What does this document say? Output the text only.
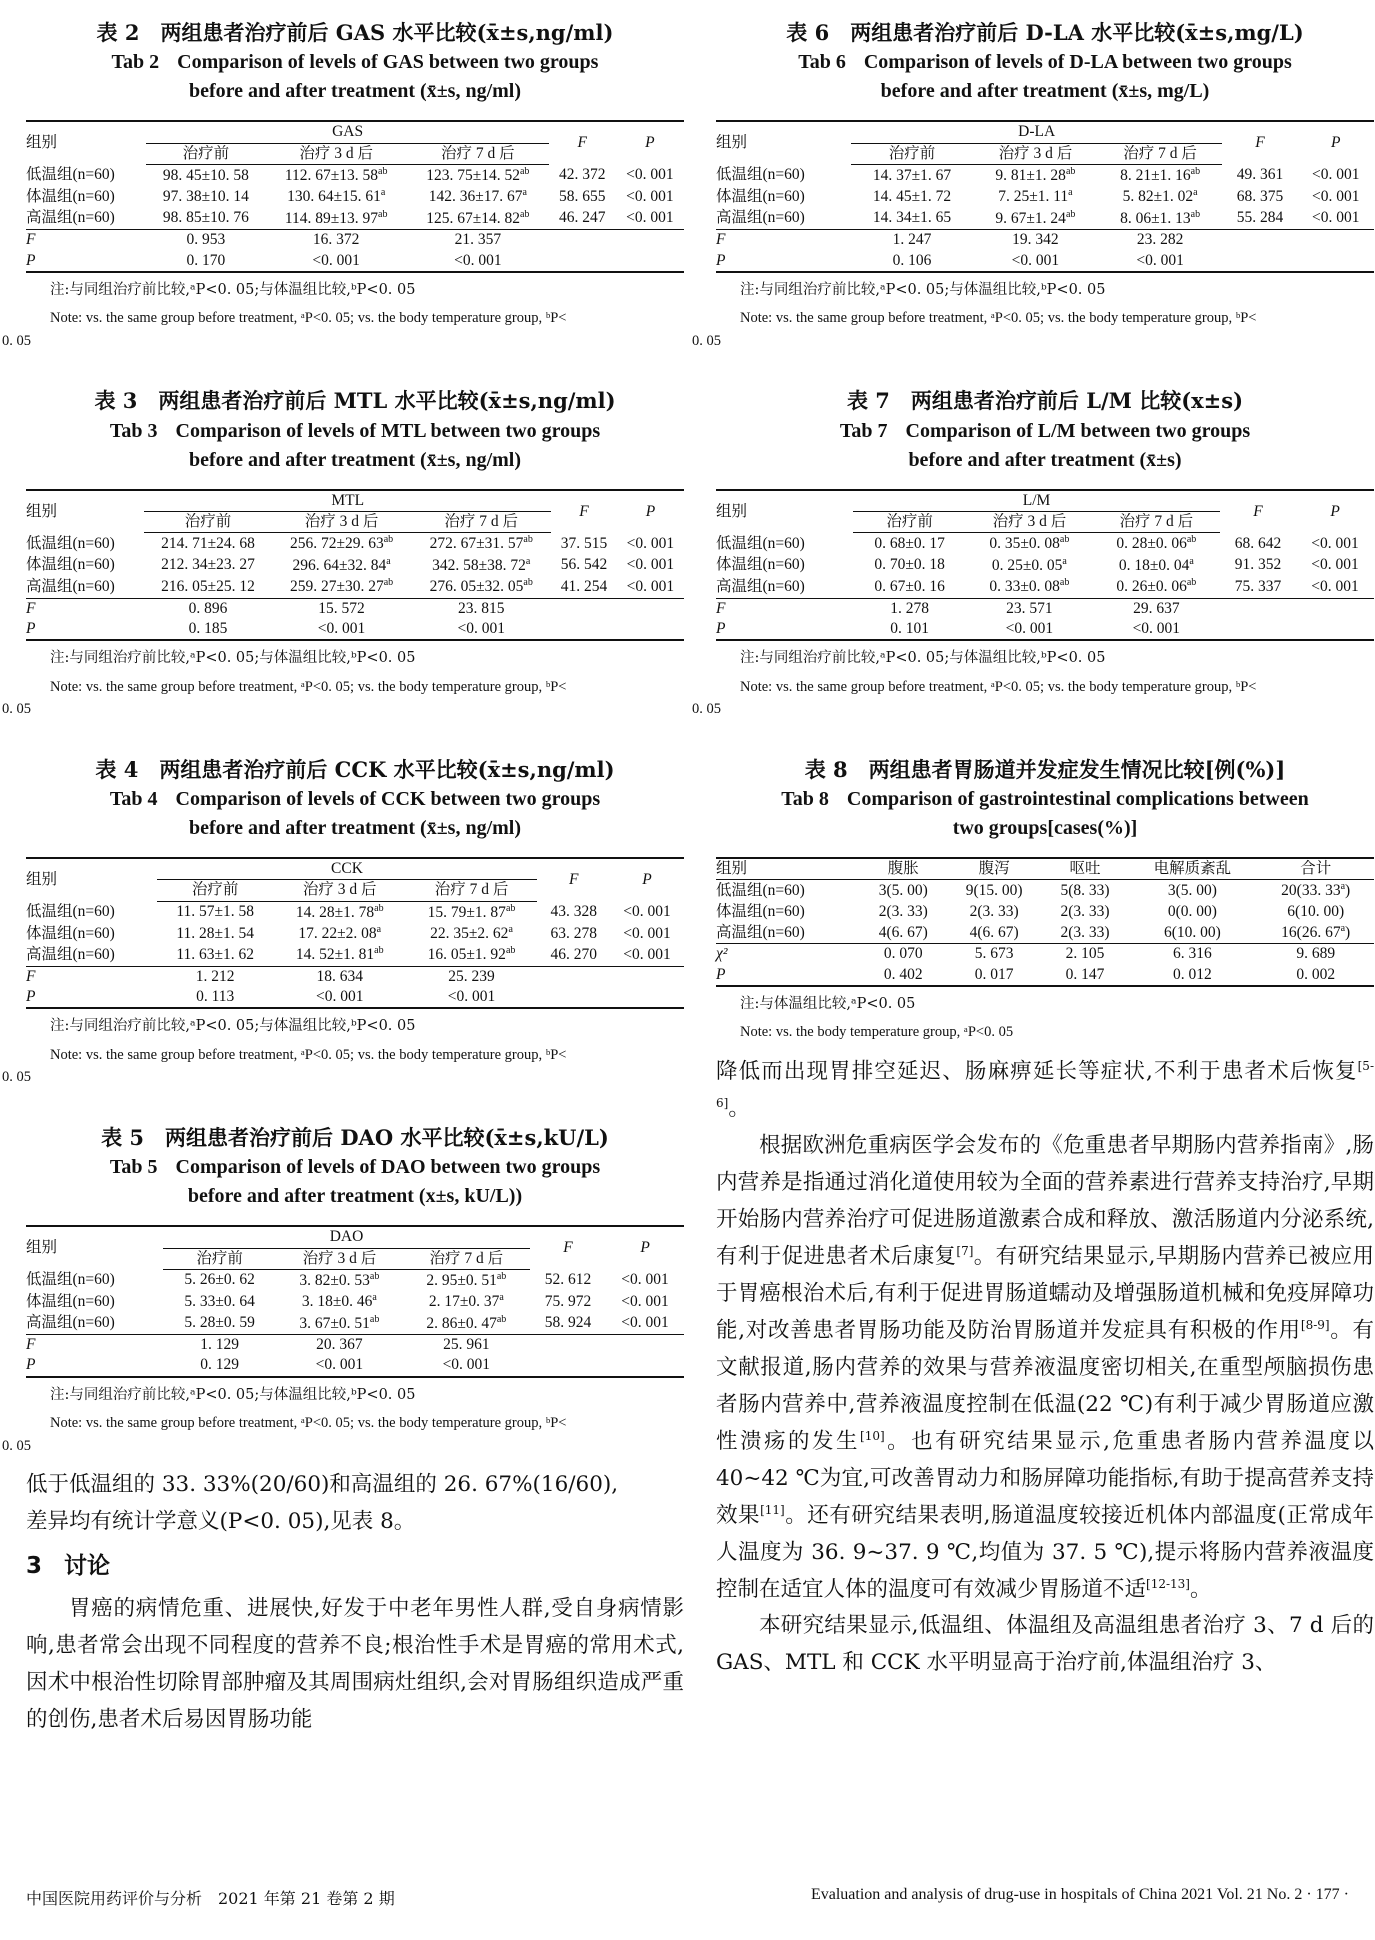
表 2　两组患者治疗前后 GAS 水平比较(x̄±s,ng/ml)
Tab 2 Comparison of levels of GAS between two groups
before and after treatment (x̄±s, ng/ml)
组别	GAS			F	P
	治疗前	治疗 3 d 后	治疗 7 d 后		
低温组(n=60)	98. 45±10. 58	112. 67±13. $58^{ab}$	123. 75±14. $52^{ab}$	42. 372	<0. 001
体温组(n=60)	97. 38±10. 14	130. 64±15. 61$^a$	142. 36±17. 67$^a$	58. 655	<0. 001
高温组(n=60)	98. 85±10. 76	114. 89±13. $97^{ab}$	125. 67±14. $82^{ab}$	46. 247	<0. 001
F	0. 953	16. 372	21. 357		
P	0. 170	<0. 001	<0. 001		
注:与同组治疗前比较,ᵃP<0. 05;与体温组比较,ᵇP<0. 05
Note: vs. the same group before treatment, ᵃP<0. 05; vs. the body temperature group, ᵇP<
0. 05
表 3　两组患者治疗前后 MTL 水平比较(x̄±s,ng/ml)
Tab 3 Comparison of levels of MTL between two groups
before and after treatment (x̄±s, ng/ml)
组别	MTL			F	P
	治疗前	治疗 3 d 后	治疗 7 d 后		
低温组(n=60)	214. 71±24. 68	256. 72±29. $63^{ab}$	272. 67±31. $57^{ab}$	37. 515	<0. 001
体温组(n=60)	212. 34±23. 27	296. 64±32. 84$^a$	342. 58±38. 72$^a$	56. 542	<0. 001
高温组(n=60)	216. 05±25. 12	259. 27±30. $27^{ab}$	276. 05±32. $05^{ab}$	41. 254	<0. 001
F	0. 896	15. 572	23. 815		
P	0. 185	<0. 001	<0. 001		
注:与同组治疗前比较,ᵃP<0. 05;与体温组比较,ᵇP<0. 05
Note: vs. the same group before treatment, ᵃP<0. 05; vs. the body temperature group, ᵇP<
0. 05
表 4　两组患者治疗前后 CCK 水平比较(x̄±s,ng/ml)
Tab 4 Comparison of levels of CCK between two groups
before and after treatment (x̄±s, ng/ml)
组别	CCK			F	P
	治疗前	治疗 3 d 后	治疗 7 d 后		
低温组(n=60)	11. 57±1. 58	14. 28±1. $78^{ab}$	15. 79±1. $87^{ab}$	43. 328	<0. 001
体温组(n=60)	11. 28±1. 54	17. 22±2. 08$^a$	22. 35±2. 62$^a$	63. 278	<0. 001
高温组(n=60)	11. 63±1. 62	14. 52±1. $81^{ab}$	16. 05±1. $92^{ab}$	46. 270	<0. 001
F	1. 212	18. 634	25. 239		
P	0. 113	<0. 001	<0. 001		
注:与同组治疗前比较,ᵃP<0. 05;与体温组比较,ᵇP<0. 05
Note: vs. the same group before treatment, ᵃP<0. 05; vs. the body temperature group, ᵇP<
0. 05
表 5　两组患者治疗前后 DAO 水平比较(x̄±s,kU/L)
Tab 5 Comparison of levels of DAO between two groups
before and after treatment (x±s, kU/L))
组别	DAO			F	P
	治疗前	治疗 3 d 后	治疗 7 d 后		
低温组(n=60)	5. 26±0. 62	3. 82±0. $53^{ab}$	2. 95±0. $51^{ab}$	52. 612	<0. 001
体温组(n=60)	5. 33±0. 64	3. 18±0. 46$^a$	2. 17±0. 37$^a$	75. 972	<0. 001
高温组(n=60)	5. 28±0. 59	3. 67±0. $51^{ab}$	2. 86±0. $47^{ab}$	58. 924	<0. 001
F	1. 129	20. 367	25. 961		
P	0. 129	<0. 001	<0. 001		
注:与同组治疗前比较,ᵃP<0. 05;与体温组比较,ᵇP<0. 05
Note: vs. the same group before treatment, ᵃP<0. 05; vs. the body temperature group, ᵇP<
0. 05

低于低温组的 33. 33%(20/60)和高温组的 26. 67%(16/60),
差异均有统计学意义(P<0. 05),见表 8。

3 讨论

胃癌的病情危重、进展快,好发于中老年男性人群,受自身病情影响,患者常会出现不同程度的营养不良;根治性手术是胃癌的常用术式,因术中根治性切除胃部肿瘤及其周围病灶组织,会对胃肠组织造成严重的创伤,患者术后易因胃肠功能

表 6　两组患者治疗前后 D-LA 水平比较(x̄±s,mg/L)
Tab 6 Comparison of levels of D-LA between two groups
before and after treatment (x̄±s, mg/L)
组别	D-LA			F	P
	治疗前	治疗 3 d 后	治疗 7 d 后		
低温组(n=60)	14. 37±1. 67	9. 81±1. $28^{ab}$	8. 21±1. $16^{ab}$	49. 361	<0. 001
体温组(n=60)	14. 45±1. 72	7. 25±1. 11$^a$	5. 82±1. 02$^a$	68. 375	<0. 001
高温组(n=60)	14. 34±1. 65	9. 67±1. $24^{ab}$	8. 06±1. $13^{ab}$	55. 284	<0. 001
F	1. 247	19. 342	23. 282		
P	0. 106	<0. 001	<0. 001		
注:与同组治疗前比较,ᵃP<0. 05;与体温组比较,ᵇP<0. 05
Note: vs. the same group before treatment, ᵃP<0. 05; vs. the body temperature group, ᵇP<
0. 05
表 7　两组患者治疗前后 L/M 比较(x±s)
Tab 7 Comparison of L/M between two groups
before and after treatment (x̄±s)
组别	L/M			F	P
	治疗前	治疗 3 d 后	治疗 7 d 后		
低温组(n=60)	0. 68±0. 17	0. 35±0. $08^{ab}$	0. 28±0. $06^{ab}$	68. 642	<0. 001
体温组(n=60)	0. 70±0. 18	0. 25±0. 05$^a$	0. 18±0. 04$^a$	91. 352	<0. 001
高温组(n=60)	0. 67±0. 16	0. 33±0. $08^{ab}$	0. 26±0. $06^{ab}$	75. 337	<0. 001
F	1. 278	23. 571	29. 637		
P	0. 101	<0. 001	<0. 001		
注:与同组治疗前比较,ᵃP<0. 05;与体温组比较,ᵇP<0. 05
Note: vs. the same group before treatment, ᵃP<0. 05; vs. the body temperature group, ᵇP<
0. 05
表 8　两组患者胃肠道并发症发生情况比较[例(%)]
Tab 8 Comparison of gastrointestinal complications between
two groups[cases(%)]
组别	腹胀	腹泻	呕吐	电解质紊乱	合计
低温组(n=60)	3(5. 00)	9(15. 00)	5(8. 33)	3(5. 00)	20(33. 33$^a$)
体温组(n=60)	2(3. 33)	2(3. 33)	2(3. 33)	0(0. 00)	6(10. 00)
高温组(n=60)	4(6. 67)	4(6. 67)	2(3. 33)	6(10. 00)	16(26. 67$^a$)
χ²	0. 070	5. 673	2. 105	6. 316	9. 689
P	0. 402	0. 017	0. 147	0. 012	0. 002
注:与体温组比较,ᵃP<0. 05
Note: vs. the body temperature group, ᵃP<0. 05

降低而出现胃排空延迟、肠麻痹延长等症状,不利于患者术后恢复[5-6]。

根据欧洲危重病医学会发布的《危重患者早期肠内营养指南》,肠内营养是指通过消化道使用较为全面的营养素进行营养支持治疗,早期开始肠内营养治疗可促进肠道激素合成和释放、激活肠道内分泌系统,有利于促进患者术后康复[7]。有研究结果显示,早期肠内营养已被应用于胃癌根治术后,有利于促进胃肠道蠕动及增强肠道机械和免疫屏障功能,对改善患者胃肠功能及防治胃肠道并发症具有积极的作用[8-9]。有文献报道,肠内营养的效果与营养液温度密切相关,在重型颅脑损伤患者肠内营养中,营养液温度控制在低温(22 ℃)有利于减少胃肠道应激性溃疡的发生[10]。也有研究结果显示,危重患者肠内营养温度以 40~42 ℃为宜,可改善胃动力和肠屏障功能指标,有助于提高营养支持效果[11]。还有研究结果表明,肠道温度较接近机体内部温度(正常成年人温度为 36. 9~37. 9 ℃,均值为 37. 5 ℃),提示将肠内营养液温度控制在适宜人体的温度可有效减少胃肠道不适[12-13]。

本研究结果显示,低温组、体温组及高温组患者治疗 3、7 d 后的 GAS、MTL 和 CCK 水平明显高于治疗前,体温组治疗 3、

中国医院用药评价与分析　2021 年第 21 卷第 2 期	Evaluation and analysis of drug-use in hospitals of China 2021 Vol. 21 No. 2 · 177 ·
